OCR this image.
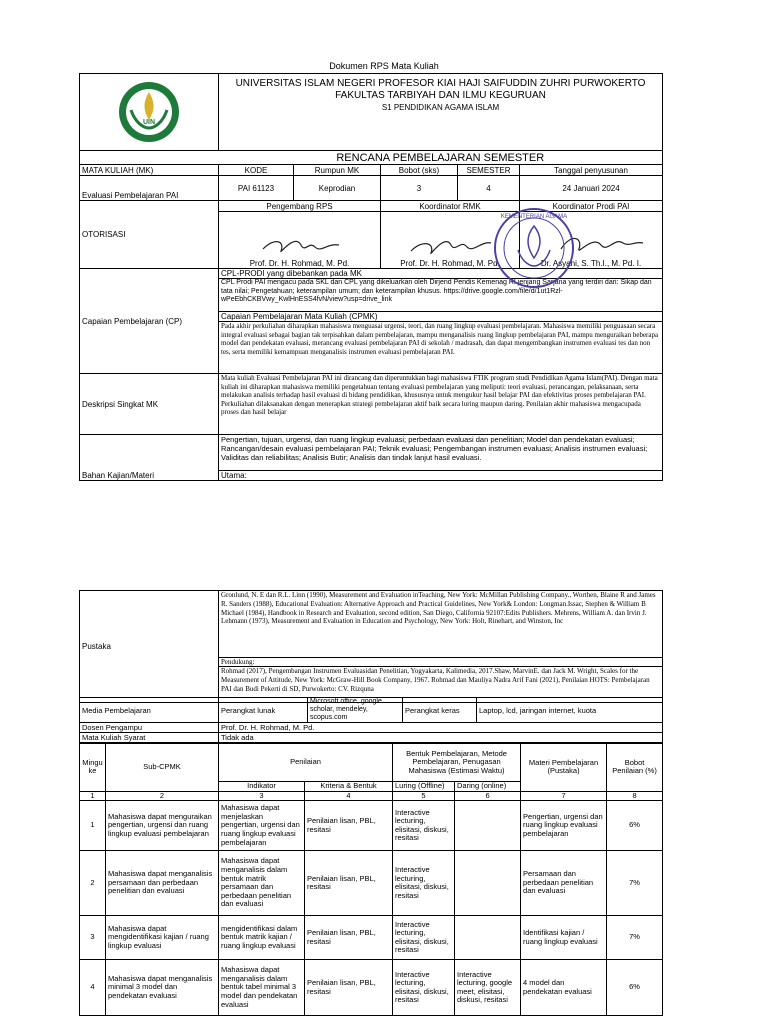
Dokumen RPS Mata Kuliah
UIN	UNIVERSITAS ISLAM NEGERI PROFESOR KIAI HAJI SAIFUDDIN ZUHRI PURWOKERTO
FAKULTAS TARBIYAH DAN ILMU KEGURUAN
S1 PENDIDIKAN AGAMA ISLAM				

	RENCANA PEMBELAJARAN SEMESTER				
MATA KULIAH (MK)	KODE	Rumpun MK	Bobot (sks)	SEMESTER	Tanggal penyusunan
Evaluasi Pembelajaran PAI	PAI 61123	Keprodian	3	4	24 Januari 2024
OTORISASI	Pengembang RPS		Koordinator RMK		Koordinator Prodi PAI

	Prof. Dr. H. Rohmad, M. Pd.		Prof. Dr. H. Rohmad, M. Pd.		Dr. Asyani, S. Th.I., M. Pd. I.

Capaian Pembelajaran (CP)	CPL-PRODI yang dibebankan pada MK				
	CPL Prodi PAI mengacu pada SKL dan CPL yang dikeluarkan oleh Dirjend Pendis Kemenag RI jenjang Sarjana yang terdiri dari: Sikap dan tata nilai; Pengetahuan; keterampilan umum; dan keterampilan khusus. https://drive.google.com/file/d/1ut1Rzl-wPeEbhCKBVwy_KwlHnESS4fvN/view?usp=drive_link				
	Capaian Pembelajaran Mata Kuliah (CPMK)				
	Pada akhir perkuliahan diharapkan mahasiswa menguasai urgensi, teori, dan ruang lingkup evaluasi pembelajaran. Mahasiswa memiliki penguasaan secara integral evaluasi sebagai bagian tak terpisahkan dalam pembelajaran, mampu menganalisis ruang lingkup pembelajaran PAI, mampu menguraikan beberapa model dan pendekatan evaluasi, merancang evaluasi pembelajaran PAI di sekolah / madrasah, dan dapat mengembangkan instrumen evaluasi tes dan non tes, serta memiliki kemampuan menganalisis instrumen evaluasi pembelajaran PAI.				
Deskripsi Singkat MK	Mata kuliah Evaluasi Pembelajaran PAI ini dirancang dan diperuntukkan bagi mahasiswa FTIK program studi Pendidikan Agama Islam(PAI). Dengan mata kuliah ini diharapkan mahasiswa memiliki pengetahuan tentang evaluasi pembelajaran yang meliputi: teori evaluasi, perancangan, pelaksanaan, serta melakukan analisis terhadap hasil evaluasi di bidang pendidikan, khususnya untuk mengukur hasil belajar PAI dan efektivitas proses pembelajaran PAI. Perkuliahan dilaksanakan dengan menerapkan strategi pembelajaran aktif baik secara luring maupun daring. Penilaian akhir mahasiswa mengacupada proses dan hasil belajar				
Bahan Kajian/Materi	Pengertian, tujuan, urgensi, dan ruang lingkup evaluasi; perbedaan evaluasi dan penelitian; Model dan pendekatan evaluasi; Rancangan/desain evaluasi pembelajaran PAI; Teknik evaluasi; Pengembangan instrumen evaluasi; Analisis instrumen evaluasi; Validitas dan reliabilitas; Analisis Butir; Analisis dan tindak lanjut hasil evaluasi.				
	Utama:				
KEMENTERIAN AGAMA
Pustaka	Gronlund, N. E dan R.L. Linn (1990), Measurement and Evaluation inTeaching, New York: McMillan Publishing Company., Worthen, Blaine R and James R. Sanders (1988), Educational Evaluation: Alternative Approach and Practical Guidelines, New York& London: Longman.Issac, Stephen & William B Michael (1984), Handbook in Research and Evaluation, second edition, San Diego, California 92107:Edits Publishers. Mehrens, William A. dan Irvin J. Lehmann (1973), Measurement and Evaluation in Education and Psychology, New York: Holt, Rinehart, and Winston, Inc
Pendukung:
Rohmad (2017), Pengembangan Instrumen Evaluasidan Penelitian, Yogyakarta, Kalimedia, 2017.Shaw, MarvinE. dan Jack M. Wright, Scales for the Measurement of Attitude, New York: McGraw-Hill Book Company, 1967. Rohmad dan Mauliya Nadra Arif Fani (2021), Penilaian HOTS: Pembelajaran PAI dan Budi Pekerti di SD, Purwokerto: CV. Rizquna
Media Pembelajaran	Perangkat lunak	Microsoft office, google scholar, mendeley, scopus.com	Perangkat keras	Laptop, lcd, jaringan internet, kuota
Dosen Pengampu	Prof. Dr. H. Rohmad, M. Pd.			
Mata Kuliah Syarat	Tidak ada			
Mingu ke	Sub-CPMK	Penilaian		Bentuk Pembelajaran, Metode Pembelajaran, Penugasan Mahasiswa (Estimasi Waktu)		Materi Pembelajaran (Pustaka)	Bobot Penilaian (%)
		Indikator	Kriteria & Bentuk	Luring (Offline)	Daring (online)		
1	2	3	4	5	6	7	8
1	Mahasiswa dapat menguraikan pengertian, urgensi dan ruang lingkup evaluasi pembelajaran	Mahasiswa dapat menjelaskan pengertian, urgensi dan ruang lingkup evaluasi pembelajaran	Penilaian lisan, PBL, resitasi	Interactive lecturing, elisitasi, diskusi, resitasi		Pengertian, urgensi dan ruang lingkup evaluasi pembelajaran	6%
2	Mahasiswa dapat menganalisis persamaan dan perbedaan penelitian dan evaluasi	Mahasiswa dapat menganalisis dalam bentuk matrik persamaan dan perbedaan penelitian dan evaluasi	Penilaian lisan, PBL, resitasi	Interactive lecturing, elisitasi, diskusi, resitasi		Persamaan dan perbedaan penelitian dan evaluasi	7%
3	Mahasiswa dapat mengidentifikasi kajian / ruang lingkup evaluasi	mengidentifikasi dalam bentuk matrik kajian / ruang lingkup evaluasi	Penilaian lisan, PBL, resitasi	Interactive lecturing, elisitasi, diskusi, resitasi		Identifikasi kajian / ruang lingkup evaluasi	7%
4	Mahasiswa dapat menganalisis minimal 3 model dan pendekatan evaluasi	Mahasiswa dapat menganalisis dalam bentuk tabel minimal 3 model dan pendekatan evaluasi	Penilaian lisan, PBL, resitasi	Interactive lecturing, elisitasi, diskusi, resitasi	Interactive lecturing, google meet, elisitasi, diskusi, resitasi	4 model dan pendekatan evaluasi	6%
